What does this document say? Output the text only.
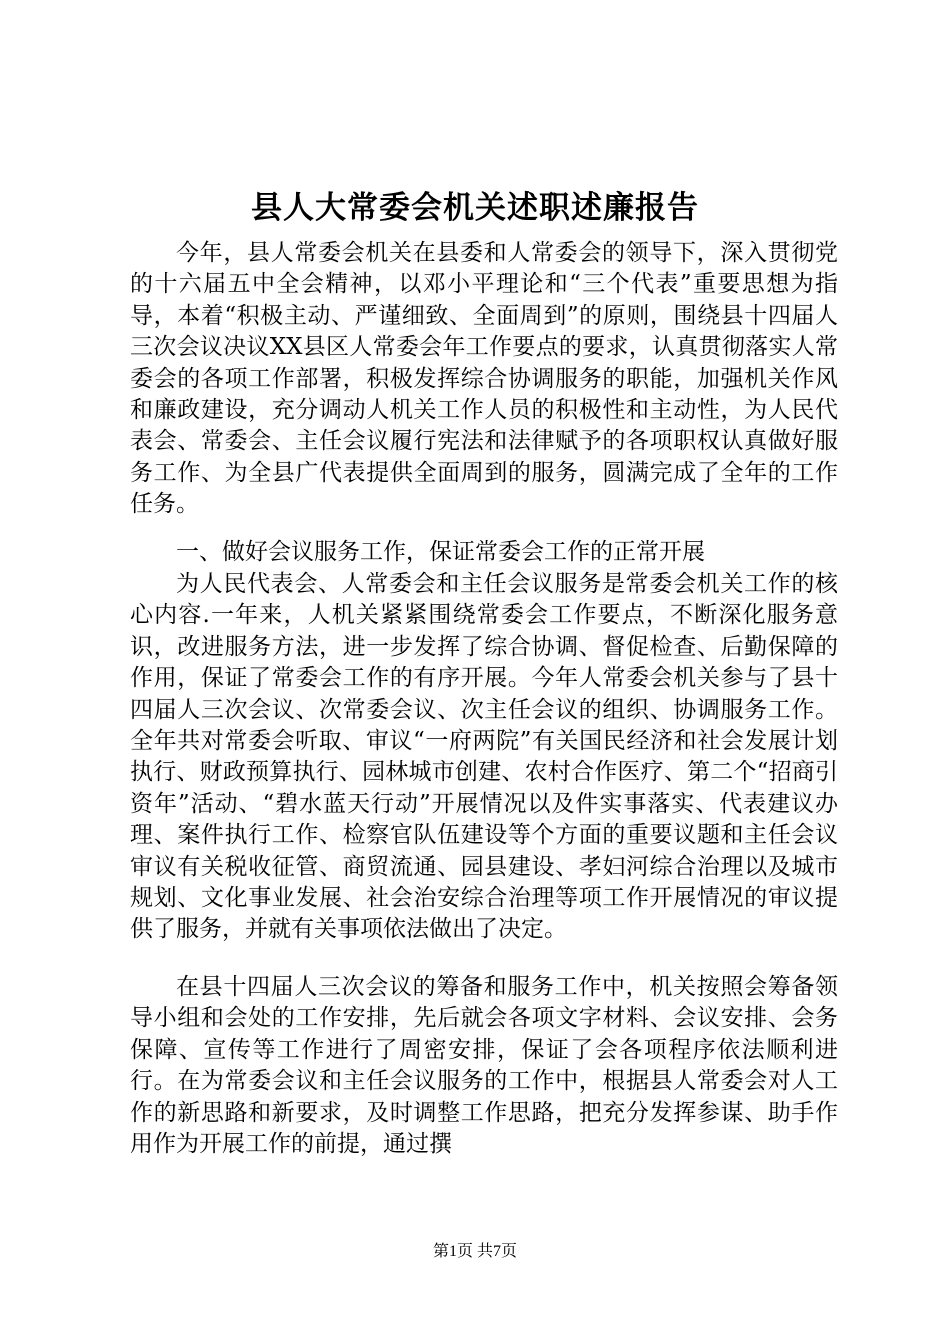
县人大常委会机关述职述廉报告

今年，县人常委会机关在县委和人常委会的领导下，深入贯彻党的十六届五中全会精神，以邓小平理论和“三个代表”重要思想为指导，本着“积极主动、严谨细致、全面周到”的原则，围绕县十四届人三次会议决议XX县区人常委会年工作要点的要求，认真贯彻落实人常委会的各项工作部署，积极发挥综合协调服务的职能，加强机关作风和廉政建设，充分调动人机关工作人员的积极性和主动性，为人民代表会、常委会、主任会议履行宪法和法律赋予的各项职权认真做好服务工作、为全县广代表提供全面周到的服务，圆满完成了全年的工作任务。

一、做好会议服务工作，保证常委会工作的正常开展

为人民代表会、人常委会和主任会议服务是常委会机关工作的核心内容.一年来，人机关紧紧围绕常委会工作要点，不断深化服务意识，改进服务方法，进一步发挥了综合协调、督促检查、后勤保障的作用，保证了常委会工作的有序开展。今年人常委会机关参与了县十四届人三次会议、次常委会议、次主任会议的组织、协调服务工作。全年共对常委会听取、审议“一府两院”有关国民经济和社会发展计划执行、财政预算执行、园林城市创建、农村合作医疗、第二个“招商引资年”活动、“碧水蓝天行动”开展情况以及件实事落实、代表建议办理、案件执行工作、检察官队伍建设等个方面的重要议题和主任会议审议有关税收征管、商贸流通、园县建设、孝妇河综合治理以及城市规划、文化事业发展、社会治安综合治理等项工作开展情况的审议提供了服务，并就有关事项依法做出了决定。

在县十四届人三次会议的筹备和服务工作中，机关按照会筹备领导小组和会处的工作安排，先后就会各项文字材料、会议安排、会务保障、宣传等工作进行了周密安排，保证了会各项程序依法顺利进行。在为常委会议和主任会议服务的工作中，根据县人常委会对人工作的新思路和新要求，及时调整工作思路，把充分发挥参谋、助手作用作为开展工作的前提，通过撰

第1页 共7页
